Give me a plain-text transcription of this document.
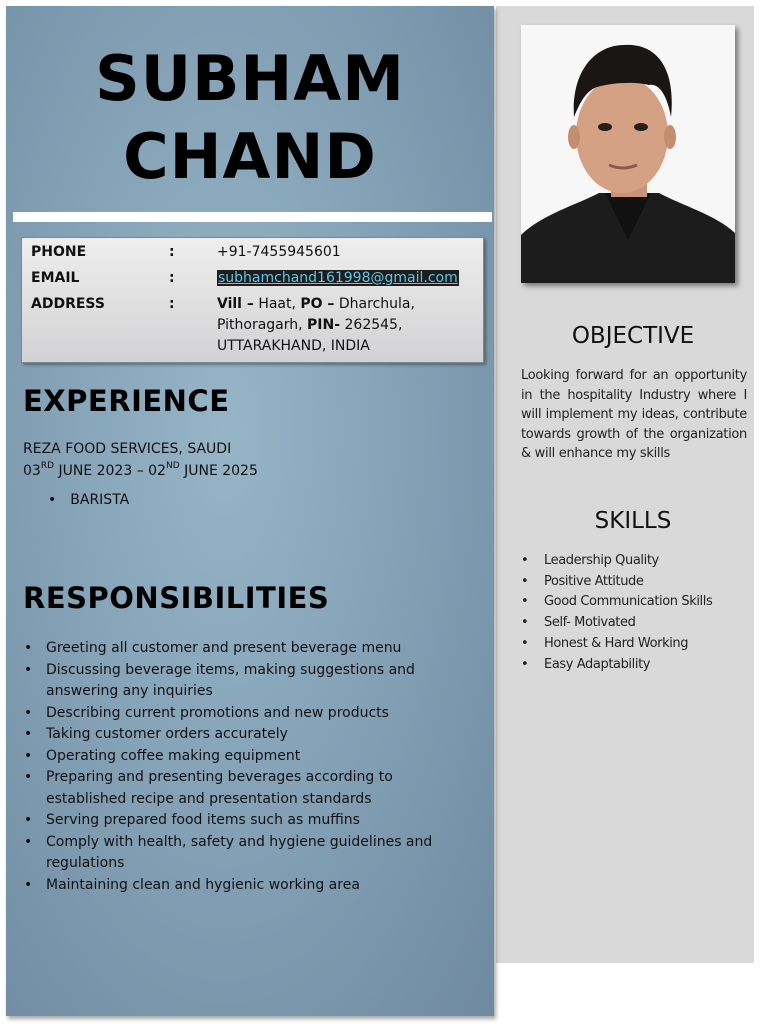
SUBHAM
CHAND
PHONE	:	+91-7455945601
EMAIL	:	subhamchand161998@gmail.com
ADDRESS	:	Vill – Haat, PO – Dharchula,
Pithoragarh, PIN- 262545,
UTTARAKHAND, INDIA
EXPERIENCE
REZA FOOD SERVICES, SAUDI
03RD JUNE 2023 – 02ND JUNE 2025
• BARISTA
RESPONSIBILITIES
• Greeting all customer and present beverage menu
• Discussing beverage items, making suggestions and
answering any inquiries
• Describing current promotions and new products
• Taking customer orders accurately
• Operating coffee making equipment
• Preparing and presenting beverages according to
established recipe and presentation standards
• Serving prepared food items such as muffins
• Comply with health, safety and hygiene guidelines and
regulations
• Maintaining clean and hygienic working area
OBJECTIVE
Looking forward for an opportunity in the hospitality Industry where I will implement my ideas, contribute towards growth of the organization & will enhance my skills
SKILLS
• Leadership Quality
• Positive Attitude
• Good Communication Skills
• Self- Motivated
• Honest & Hard Working
• Easy Adaptability
